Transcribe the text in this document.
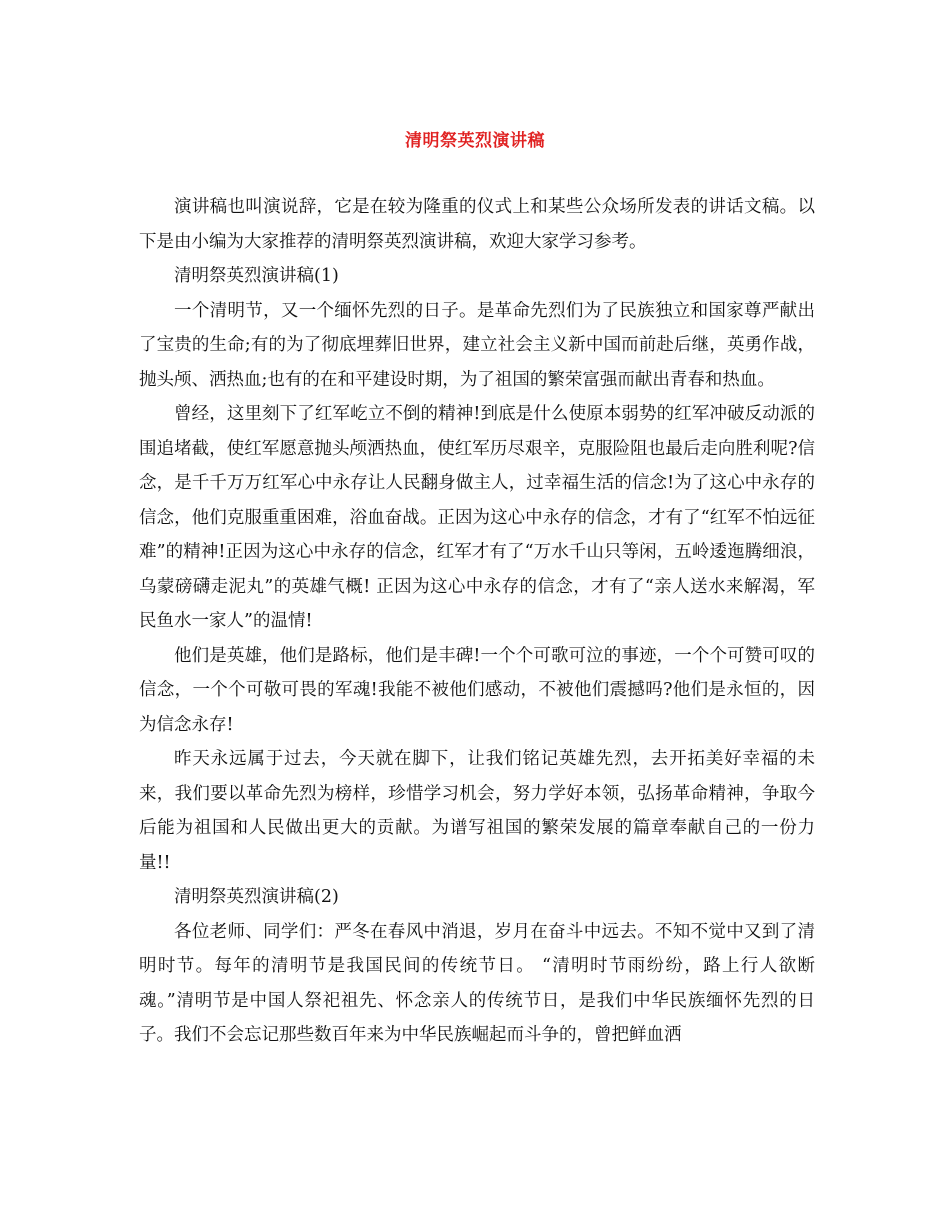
清明祭英烈演讲稿

演讲稿也叫演说辞，它是在较为隆重的仪式上和某些公众场所发表的讲话文稿。以下是由小编为大家推荐的清明祭英烈演讲稿，欢迎大家学习参考。

清明祭英烈演讲稿(1)

一个清明节，又一个缅怀先烈的日子。是革命先烈们为了民族独立和国家尊严献出了宝贵的生命;有的为了彻底埋葬旧世界，建立社会主义新中国而前赴后继，英勇作战，抛头颅、洒热血;也有的在和平建设时期，为了祖国的繁荣富强而献出青春和热血。

曾经，这里刻下了红军屹立不倒的精神!到底是什么使原本弱势的红军冲破反动派的围追堵截，使红军愿意抛头颅洒热血，使红军历尽艰辛，克服险阻也最后走向胜利呢?信念，是千千万万红军心中永存让人民翻身做主人，过幸福生活的信念!为了这心中永存的信念，他们克服重重困难，浴血奋战。正因为这心中永存的信念，才有了“红军不怕远征难”的精神!正因为这心中永存的信念，红军才有了“万水千山只等闲，五岭逶迤腾细浪，乌蒙磅礴走泥丸”的英雄气概! 正因为这心中永存的信念，才有了“亲人送水来解渴，军民鱼水一家人”的温情!

他们是英雄，他们是路标，他们是丰碑!一个个可歌可泣的事迹，一个个可赞可叹的信念，一个个可敬可畏的军魂!我能不被他们感动，不被他们震撼吗?他们是永恒的，因为信念永存!

昨天永远属于过去，今天就在脚下，让我们铭记英雄先烈，去开拓美好幸福的未来，我们要以革命先烈为榜样，珍惜学习机会，努力学好本领，弘扬革命精神，争取今后能为祖国和人民做出更大的贡献。为谱写祖国的繁荣发展的篇章奉献自己的一份力量!!

清明祭英烈演讲稿(2)

各位老师、同学们：严冬在春风中消退，岁月在奋斗中远去。不知不觉中又到了清明时节。每年的清明节是我国民间的传统节日。 “清明时节雨纷纷，路上行人欲断魂。”清明节是中国人祭祀祖先、怀念亲人的传统节日，是我们中华民族缅怀先烈的日子。我们不会忘记那些数百年来为中华民族崛起而斗争的，曾把鲜血洒
